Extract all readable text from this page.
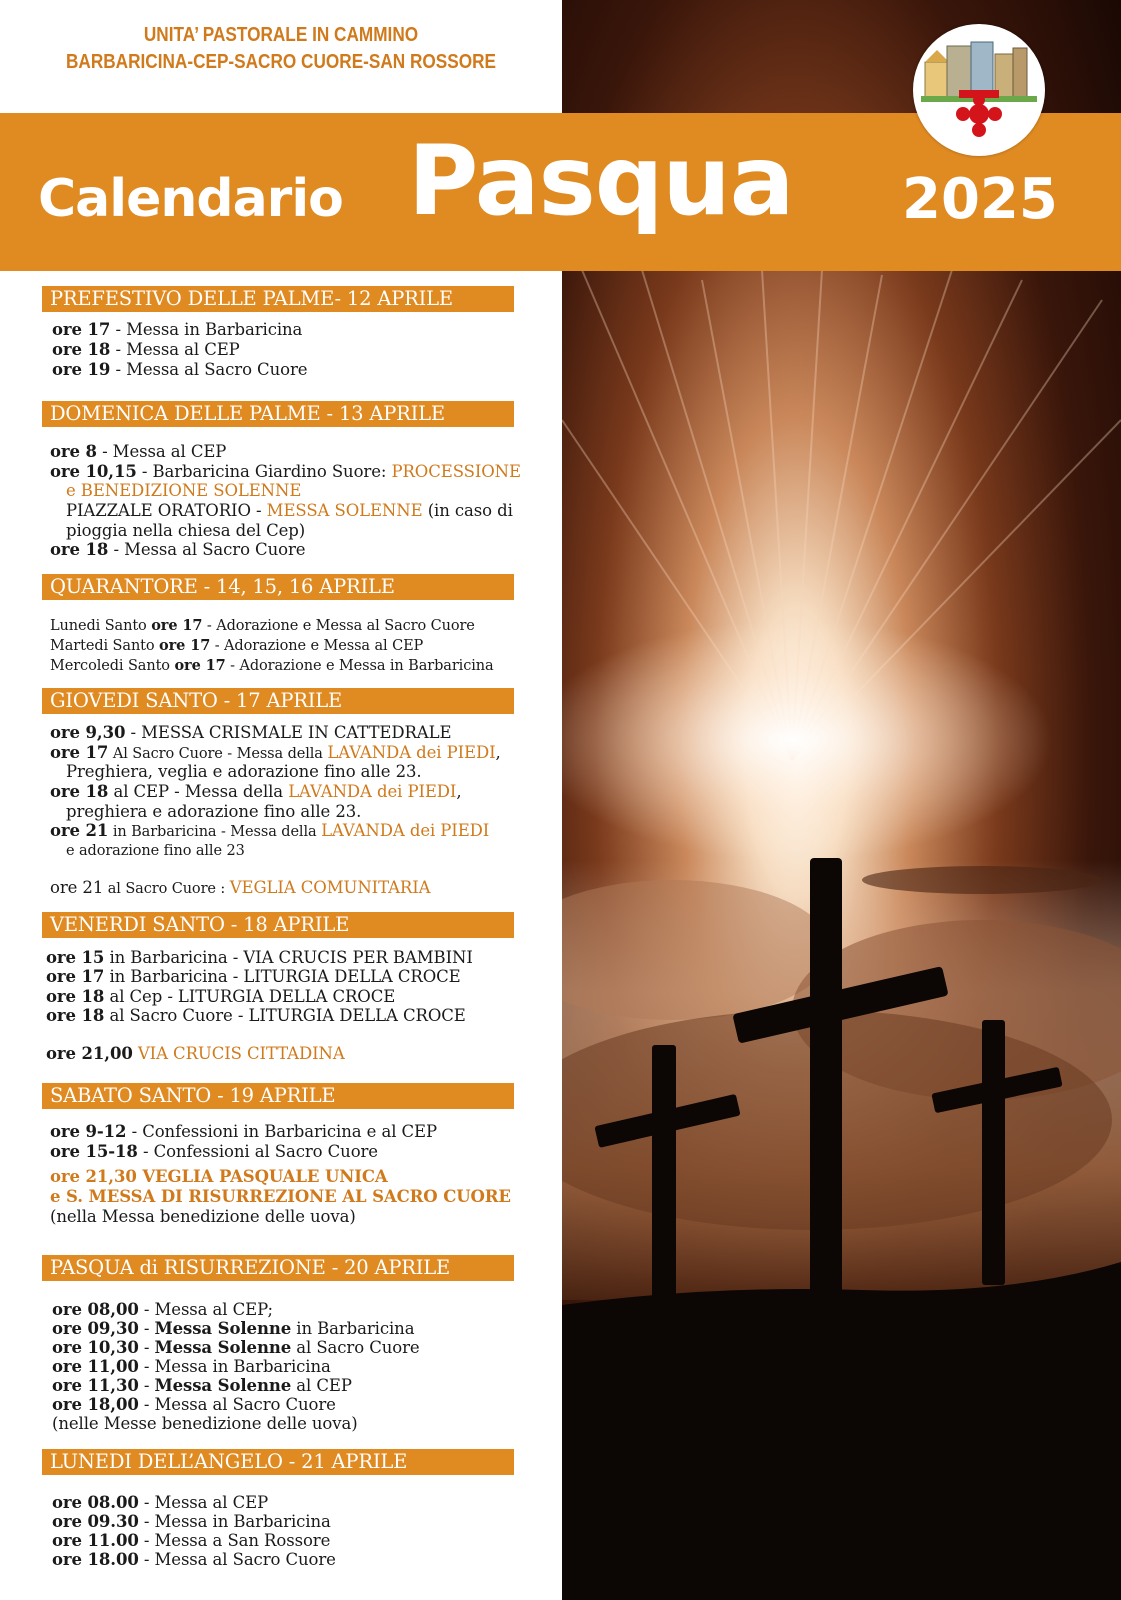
UNITA’ PASTORALE IN CAMMINO
BARBARICINA-CEP-SACRO CUORE-SAN ROSSORE
Calendario Pasqua 2025
PREFESTIVO DELLE PALME- 12 APRILE
ore 17 - Messa in Barbaricina
ore 18 - Messa al CEP
ore 19 - Messa al Sacro Cuore
DOMENICA DELLE PALME - 13 APRILE
ore 8 - Messa al CEP
ore 10,15 - Barbaricina Giardino Suore: PROCESSIONE
e BENEDIZIONE SOLENNE
PIAZZALE ORATORIO - MESSA SOLENNE (in caso di
pioggia nella chiesa del Cep)
ore 18 - Messa al Sacro Cuore
QUARANTORE - 14, 15, 16 APRILE
Lunedi Santo ore 17 - Adorazione e Messa al Sacro Cuore
Martedi Santo ore 17 - Adorazione e Messa al CEP
Mercoledi Santo ore 17 - Adorazione e Messa in Barbaricina
GIOVEDI SANTO - 17 APRILE
ore 9,30 - MESSA CRISMALE IN CATTEDRALE
ore 17 Al Sacro Cuore - Messa della LAVANDA dei PIEDI,
Preghiera, veglia e adorazione fino alle 23.
ore 18 al CEP - Messa della LAVANDA dei PIEDI,
preghiera e adorazione fino alle 23.
ore 21 in Barbaricina - Messa della LAVANDA dei PIEDI
e adorazione fino alle 23
ore 21 al Sacro Cuore : VEGLIA COMUNITARIA
VENERDI SANTO - 18 APRILE
ore 15 in Barbaricina - VIA CRUCIS PER BAMBINI
ore 17 in Barbaricina - LITURGIA DELLA CROCE
ore 18 al Cep - LITURGIA DELLA CROCE
ore 18 al Sacro Cuore - LITURGIA DELLA CROCE
ore 21,00 VIA CRUCIS CITTADINA
SABATO SANTO - 19 APRILE
ore 9-12 - Confessioni in Barbaricina e al CEP
ore 15-18 - Confessioni al Sacro Cuore
ore 21,30 VEGLIA PASQUALE UNICA
e S. MESSA DI RISURREZIONE AL SACRO CUORE
(nella Messa benedizione delle uova)
PASQUA di RISURREZIONE - 20 APRILE
ore 08,00 - Messa al CEP;
ore 09,30 - Messa Solenne in Barbaricina
ore 10,30 - Messa Solenne al Sacro Cuore
ore 11,00 - Messa in Barbaricina
ore 11,30 - Messa Solenne al CEP
ore 18,00 - Messa al Sacro Cuore
(nelle Messe benedizione delle uova)
LUNEDI DELL’ANGELO - 21 APRILE
ore 08.00 - Messa al CEP
ore 09.30 - Messa in Barbaricina
ore 11.00 - Messa a San Rossore
ore 18.00 - Messa al Sacro Cuore
